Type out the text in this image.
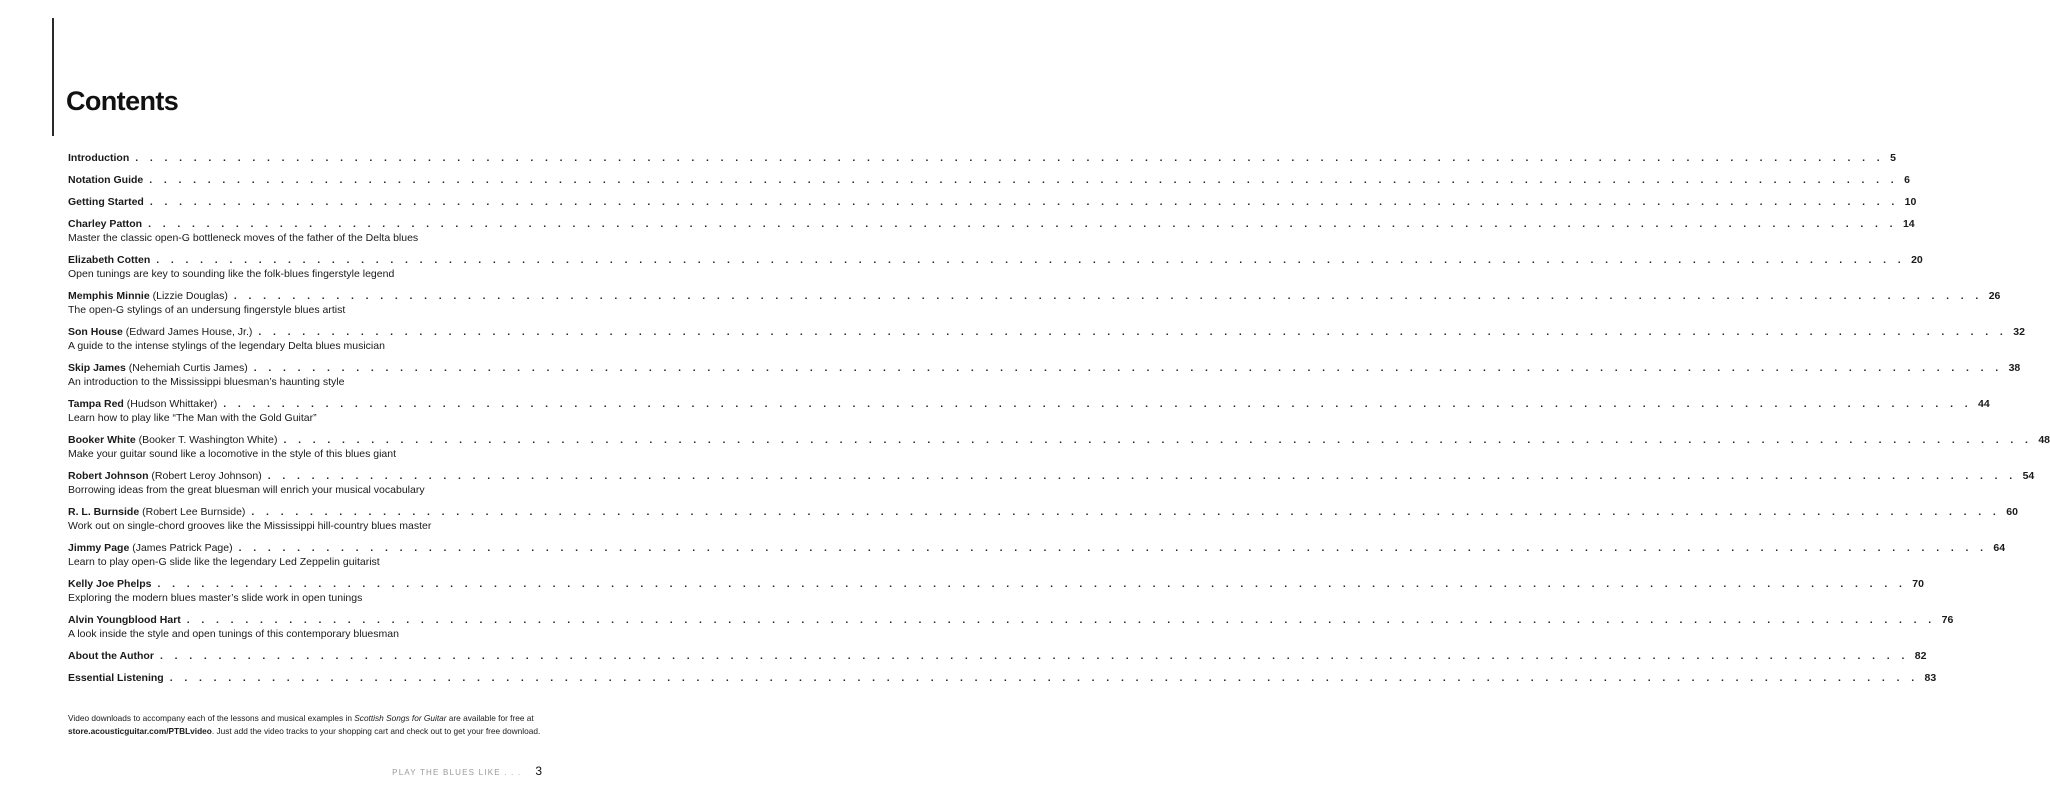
Contents
Introduction . . . . . . . . . . . . . . . . . . . . . . . . . . . . . . . . . . . . . . . . . . . . . . . . . . . . . . . . . . . . . . . . . . . . . . . . . . . . . . . . . . . . . . . . . . . . . . . . . . . . . . . . . . . . . . . . . . . . . . . . 5
Notation Guide . . . . . . . . . . . . . . . . . . . . . . . . . . . . . . . . . . . . . . . . . . . . . . . . . . . . . . . . . . . . . . . . . . . . . . . . . . . . . . . . . . . . . . . . . . . . . . . . . . . . . . . . . . . . . . . . . . . . . . . . 6
Getting Started . . . . . . . . . . . . . . . . . . . . . . . . . . . . . . . . . . . . . . . . . . . . . . . . . . . . . . . . . . . . . . . . . . . . . . . . . . . . . . . . . . . . . . . . . . . . . . . . . . . . . . . . . . . . . . . . . . . . . . . . 10
Charley Patton . . . . . . . . . . . . . . . . . . . . . . . . . . . . . . . . . . . . . . . . . . . . . . . . . . . . . . . . . . . . . . . . . . . . . . . . . . . . . . . . . . . . . . . . . . . . . . . . . . . . . . . . . . . . . . . . . . . . . . . . 14
Master the classic open-G bottleneck moves of the father of the Delta blues
Elizabeth Cotten . . . . . . . . . . . . . . . . . . . . . . . . . . . . . . . . . . . . . . . . . . . . . . . . . . . . . . . . . . . . . . . . . . . . . . . . . . . . . . . . . . . . . . . . . . . . . . . . . . . . . . . . . . . . . . . . . . . . . . . . 20
Open tunings are key to sounding like the folk-blues fingerstyle legend
Memphis Minnie (Lizzie Douglas) . . . . . . . . . . . . . . . . . . . . . . . . . . . . . . . . . . . . . . . . . . . . . . . . . . . . . . . . . . . . . . . . . . . . . . . . . . . . . . . . . . . . . . . . . . . . . . . . . . . . . . . . . . . . . . . . . . . . . . . . 26
The open-G stylings of an undersung fingerstyle blues artist
Son House (Edward James House, Jr.) . . . . . . . . . . . . . . . . . . . . . . . . . . . . . . . . . . . . . . . . . . . . . . . . . . . . . . . . . . . . . . . . . . . . . . . . . . . . . . . . . . . . . . . . . . . . . . . . . . . . . . . . . . . . . . . . . . . . . . . . 32
A guide to the intense stylings of the legendary Delta blues musician
Skip James (Nehemiah Curtis James) . . . . . . . . . . . . . . . . . . . . . . . . . . . . . . . . . . . . . . . . . . . . . . . . . . . . . . . . . . . . . . . . . . . . . . . . . . . . . . . . . . . . . . . . . . . . . . . . . . . . . . . . . . . . . . . . . . . . . . . . 38
An introduction to the Mississippi bluesman’s haunting style
Tampa Red (Hudson Whittaker) . . . . . . . . . . . . . . . . . . . . . . . . . . . . . . . . . . . . . . . . . . . . . . . . . . . . . . . . . . . . . . . . . . . . . . . . . . . . . . . . . . . . . . . . . . . . . . . . . . . . . . . . . . . . . . . . . . . . . . . . 44
Learn how to play like “The Man with the Gold Guitar”
Booker White (Booker T. Washington White) . . . . . . . . . . . . . . . . . . . . . . . . . . . . . . . . . . . . . . . . . . . . . . . . . . . . . . . . . . . . . . . . . . . . . . . . . . . . . . . . . . . . . . . . . . . . . . . . . . . . . . . . . . . . . . . . . . . . . . . . 48
Make your guitar sound like a locomotive in the style of this blues giant
Robert Johnson (Robert Leroy Johnson) . . . . . . . . . . . . . . . . . . . . . . . . . . . . . . . . . . . . . . . . . . . . . . . . . . . . . . . . . . . . . . . . . . . . . . . . . . . . . . . . . . . . . . . . . . . . . . . . . . . . . . . . . . . . . . . . . . . . . . . . 54
Borrowing ideas from the great bluesman will enrich your musical vocabulary
R. L. Burnside (Robert Lee Burnside) . . . . . . . . . . . . . . . . . . . . . . . . . . . . . . . . . . . . . . . . . . . . . . . . . . . . . . . . . . . . . . . . . . . . . . . . . . . . . . . . . . . . . . . . . . . . . . . . . . . . . . . . . . . . . . . . . . . . . . . . 60
Work out on single-chord grooves like the Mississippi hill-country blues master
Jimmy Page (James Patrick Page) . . . . . . . . . . . . . . . . . . . . . . . . . . . . . . . . . . . . . . . . . . . . . . . . . . . . . . . . . . . . . . . . . . . . . . . . . . . . . . . . . . . . . . . . . . . . . . . . . . . . . . . . . . . . . . . . . . . . . . . . 64
Learn to play open-G slide like the legendary Led Zeppelin guitarist
Kelly Joe Phelps . . . . . . . . . . . . . . . . . . . . . . . . . . . . . . . . . . . . . . . . . . . . . . . . . . . . . . . . . . . . . . . . . . . . . . . . . . . . . . . . . . . . . . . . . . . . . . . . . . . . . . . . . . . . . . . . . . . . . . . . 70
Exploring the modern blues master’s slide work in open tunings
Alvin Youngblood Hart . . . . . . . . . . . . . . . . . . . . . . . . . . . . . . . . . . . . . . . . . . . . . . . . . . . . . . . . . . . . . . . . . . . . . . . . . . . . . . . . . . . . . . . . . . . . . . . . . . . . . . . . . . . . . . . . . . . . . . . . 76
A look inside the style and open tunings of this contemporary bluesman
About the Author . . . . . . . . . . . . . . . . . . . . . . . . . . . . . . . . . . . . . . . . . . . . . . . . . . . . . . . . . . . . . . . . . . . . . . . . . . . . . . . . . . . . . . . . . . . . . . . . . . . . . . . . . . . . . . . . . . . . . . . . 82
Essential Listening . . . . . . . . . . . . . . . . . . . . . . . . . . . . . . . . . . . . . . . . . . . . . . . . . . . . . . . . . . . . . . . . . . . . . . . . . . . . . . . . . . . . . . . . . . . . . . . . . . . . . . . . . . . . . . . . . . . . . . . . 83
Video downloads to accompany each of the lessons and musical examples in Scottish Songs for Guitar are available for free at store.acousticguitar.com/PTBLvideo. Just add the video tracks to your shopping cart and check out to get your free download.
PLAY THE BLUES LIKE . . . 3
